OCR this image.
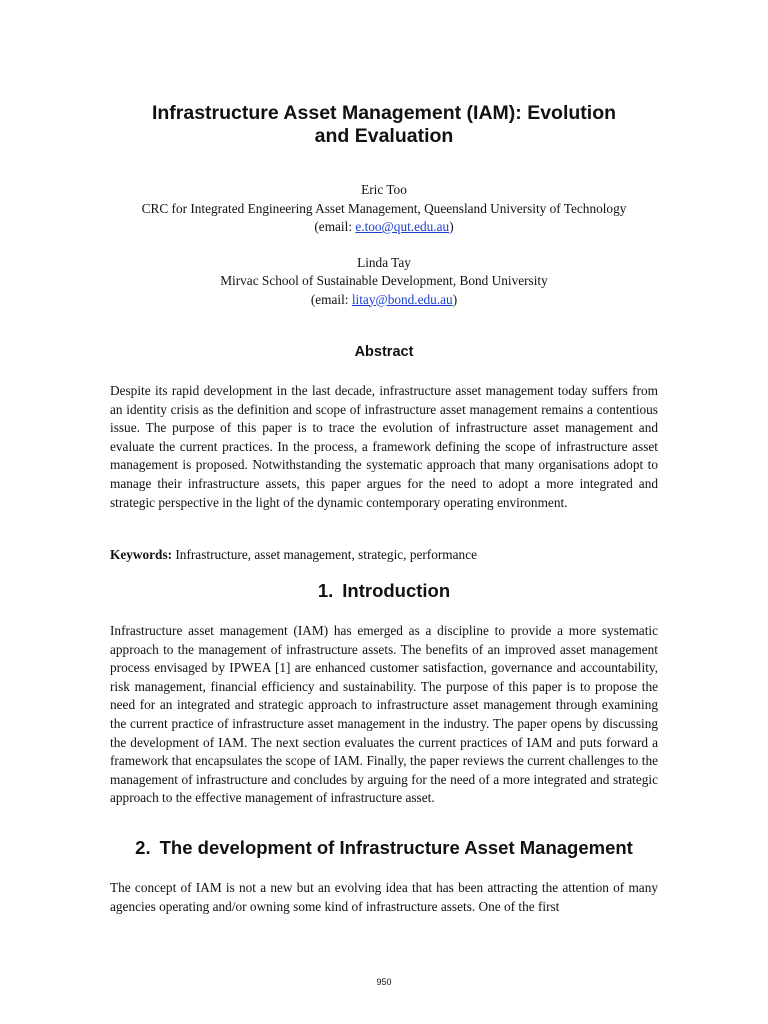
Infrastructure Asset Management (IAM): Evolution
and Evaluation
Eric Too
CRC for Integrated Engineering Asset Management, Queensland University of Technology
(email: e.too@qut.edu.au)
Linda Tay
Mirvac School of Sustainable Development, Bond University
(email: litay@bond.edu.au)
Abstract

Despite its rapid development in the last decade, infrastructure asset management today suffers from an identity crisis as the definition and scope of infrastructure asset management remains a contentious issue. The purpose of this paper is to trace the evolution of infrastructure asset management and evaluate the current practices. In the process, a framework defining the scope of infrastructure asset management is proposed. Notwithstanding the systematic approach that many organisations adopt to manage their infrastructure assets, this paper argues for the need to adopt a more integrated and strategic perspective in the light of the dynamic contemporary operating environment.

Keywords: Infrastructure, asset management, strategic, performance

1. Introduction

Infrastructure asset management (IAM) has emerged as a discipline to provide a more systematic approach to the management of infrastructure assets. The benefits of an improved asset management process envisaged by IPWEA [1] are enhanced customer satisfaction, governance and accountability, risk management, financial efficiency and sustainability. The purpose of this paper is to propose the need for an integrated and strategic approach to infrastructure asset management through examining the current practice of infrastructure asset management in the industry. The paper opens by discussing the development of IAM. The next section evaluates the current practices of IAM and puts forward a framework that encapsulates the scope of IAM. Finally, the paper reviews the current challenges to the management of infrastructure and concludes by arguing for the need of a more integrated and strategic approach to the effective management of infrastructure asset.

2. The development of Infrastructure Asset Management

The concept of IAM is not a new but an evolving idea that has been attracting the attention of many agencies operating and/or owning some kind of infrastructure assets. One of the first

950
